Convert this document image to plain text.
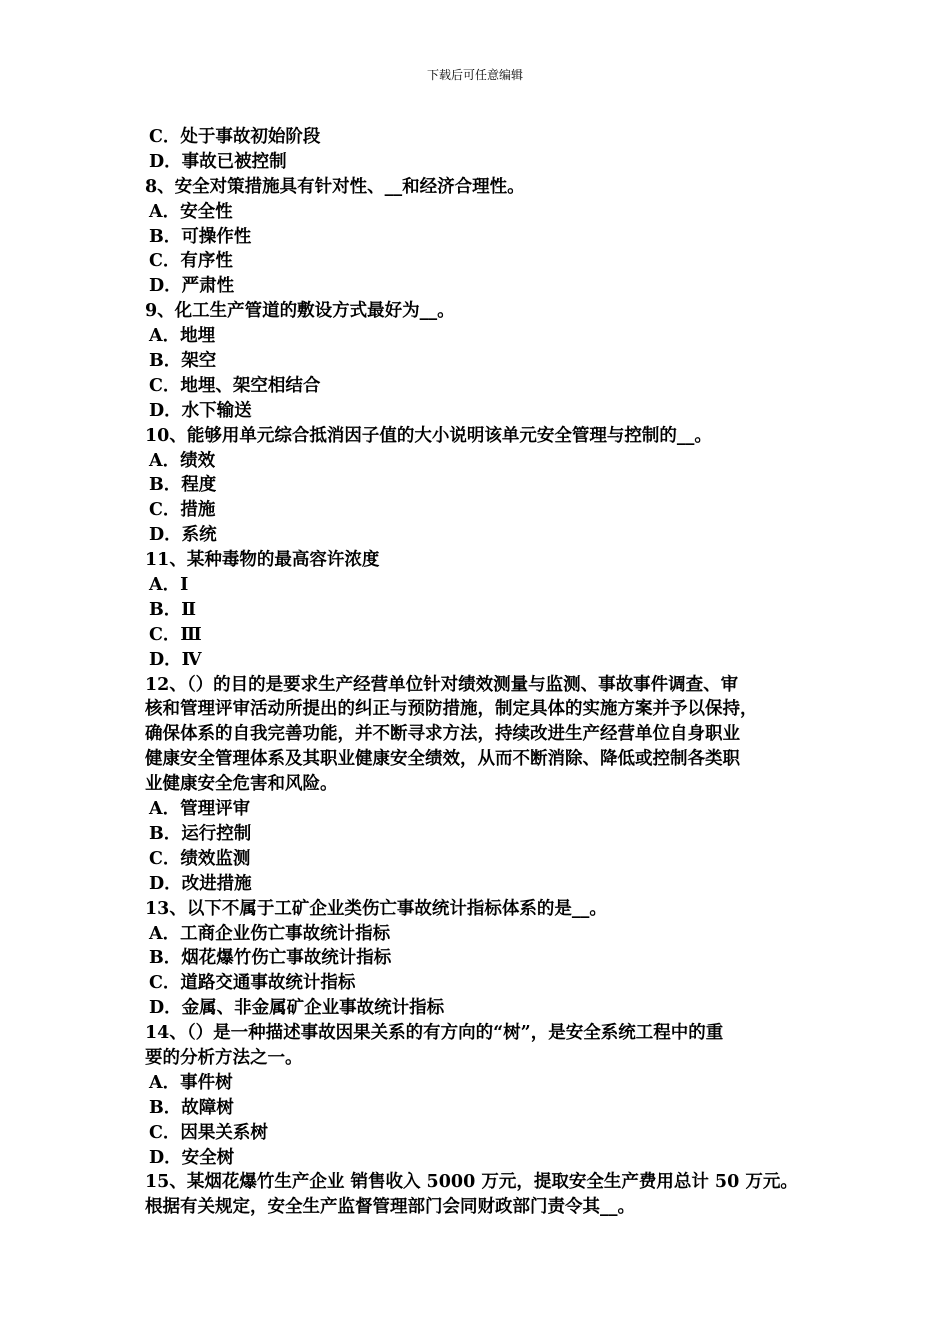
下载后可任意编辑
C．处于事故初始阶段
D．事故已被控制
8、安全对策措施具有针对性、__和经济合理性。
A．安全性
B．可操作性
C．有序性
D．严肃性
9、化工生产管道的敷设方式最好为__。
A．地埋
B．架空
C．地埋、架空相结合
D．水下输送
10、能够用单元综合抵消因子值的大小说明该单元安全管理与控制的__。
A．绩效
B．程度
C．措施
D．系统
11、某种毒物的最高容许浓度
A．Ⅰ
B．Ⅱ
C．Ⅲ
D．Ⅳ
12、（）的目的是要求生产经营单位针对绩效测量与监测、事故事件调查、审
核和管理评审活动所提出的纠正与预防措施，制定具体的实施方案并予以保持，
确保体系的自我完善功能，并不断寻求方法，持续改进生产经营单位自身职业
健康安全管理体系及其职业健康安全绩效，从而不断消除、降低或控制各类职
业健康安全危害和风险。
A．管理评审
B．运行控制
C．绩效监测
D．改进措施
13、以下不属于工矿企业类伤亡事故统计指标体系的是__。
A．工商企业伤亡事故统计指标
B．烟花爆竹伤亡事故统计指标
C．道路交通事故统计指标
D．金属、非金属矿企业事故统计指标
14、（）是一种描述事故因果关系的有方向的“树”，是安全系统工程中的重
要的分析方法之一。
A．事件树
B．故障树
C．因果关系树
D．安全树
15、某烟花爆竹生产企业 销售收入 5000 万元，提取安全生产费用总计 50 万元。
根据有关规定，安全生产监督管理部门会同财政部门责令其__。
